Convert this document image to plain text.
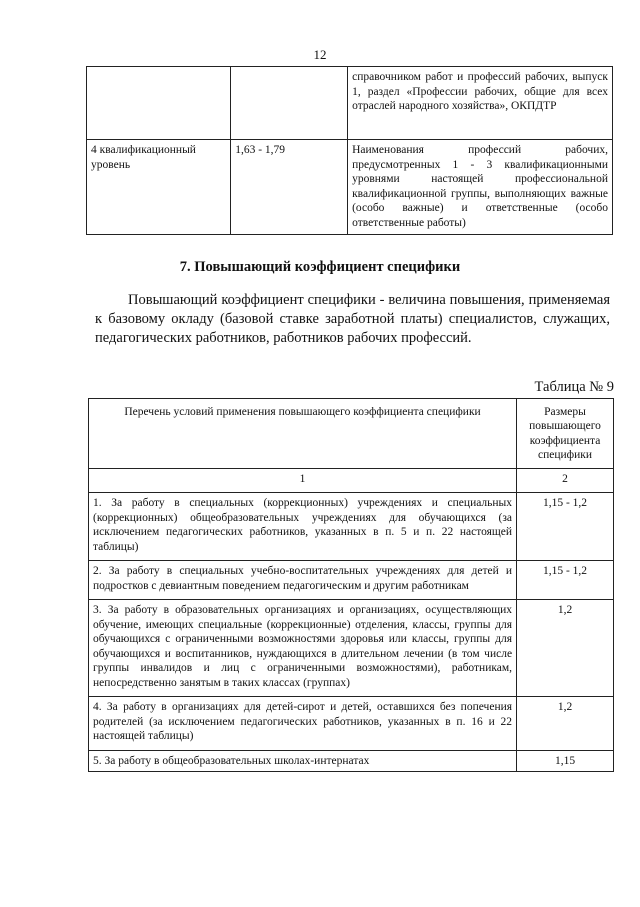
12
		справочником работ и профессий рабочих, выпуск 1, раздел «Профессии рабочих, общие для всех отраслей народного хозяйства», ОКПДТР
4 квалификационный уровень	1,63 - 1,79	Наименования профессий рабочих, предусмотренных 1 - 3 квалификационными уровнями настоящей профессиональной квалификационной группы, выполняющих важные (особо важные) и ответственные (особо ответственные работы)
7. Повышающий коэффициент специфики

Повышающий коэффициент специфики - величина повышения, применяемая к базовому окладу (базовой ставке заработной платы) специалистов, служащих, педагогических работников, работников рабочих профессий.

Таблица № 9
Перечень условий применения повышающего коэффициента специфики	Размеры повышающего коэффициента специфики
1	2
1. За работу в специальных (коррекционных) учреждениях и специальных (коррекционных) общеобразовательных учреждениях для обучающихся (за исключением педагогических работников, указанных в п. 5 и п. 22 настоящей таблицы)	1,15 - 1,2
2. За работу в специальных учебно-воспитательных учреждениях для детей и подростков с девиантным поведением педагогическим и другим работникам	1,15 - 1,2
3. За работу в образовательных организациях и организациях, осуществляющих обучение, имеющих специальные (коррекционные) отделения, классы, группы для обучающихся с ограниченными возможностями здоровья или классы, группы для обучающихся и воспитанников, нуждающихся в длительном лечении (в том числе группы инвалидов и лиц с ограниченными возможностями), работникам, непосредственно занятым в таких классах (группах)	1,2
4. За работу в организациях для детей-сирот и детей, оставшихся без попечения родителей (за исключением педагогических работников, указанных в п. 16 и 22 настоящей таблицы)	1,2
5. За работу в общеобразовательных школах-интернатах	1,15
